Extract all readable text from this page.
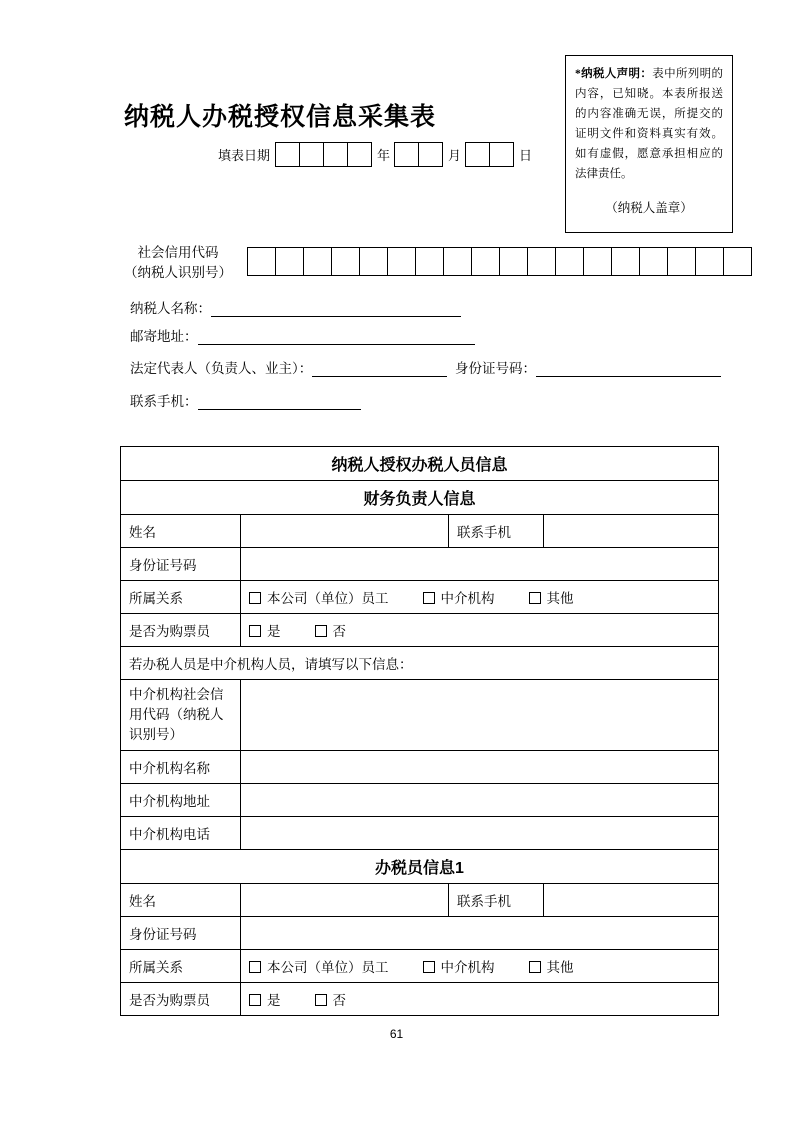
*纳税人声明：表中所列明的内容，已知晓。本表所报送的内容准确无误，所提交的证明文件和资料真实有效。如有虚假，愿意承担相应的法律责任。
（纳税人盖章）
纳税人办税授权信息采集表
填表日期	年	月	日
社会信用代码
（纳税人识别号）
纳税人名称：
邮寄地址：
法定代表人（负责人、业主）：	身份证号码：
联系手机：
纳税人授权办税人员信息			
财务负责人信息			
姓名		联系手机	
身份证号码			
所属关系	本公司（单位）员工 中介机构 其他		

是否为购票员	是 否		

若办税人员是中介机构人员，请填写以下信息：			
中介机构社会信用代码（纳税人识别号）			
中介机构名称			
中介机构地址			
中介机构电话			
办税员信息1			
姓名		联系手机	
身份证号码			
所属关系	本公司（单位）员工 中介机构 其他		

是否为购票员	是 否		
61
